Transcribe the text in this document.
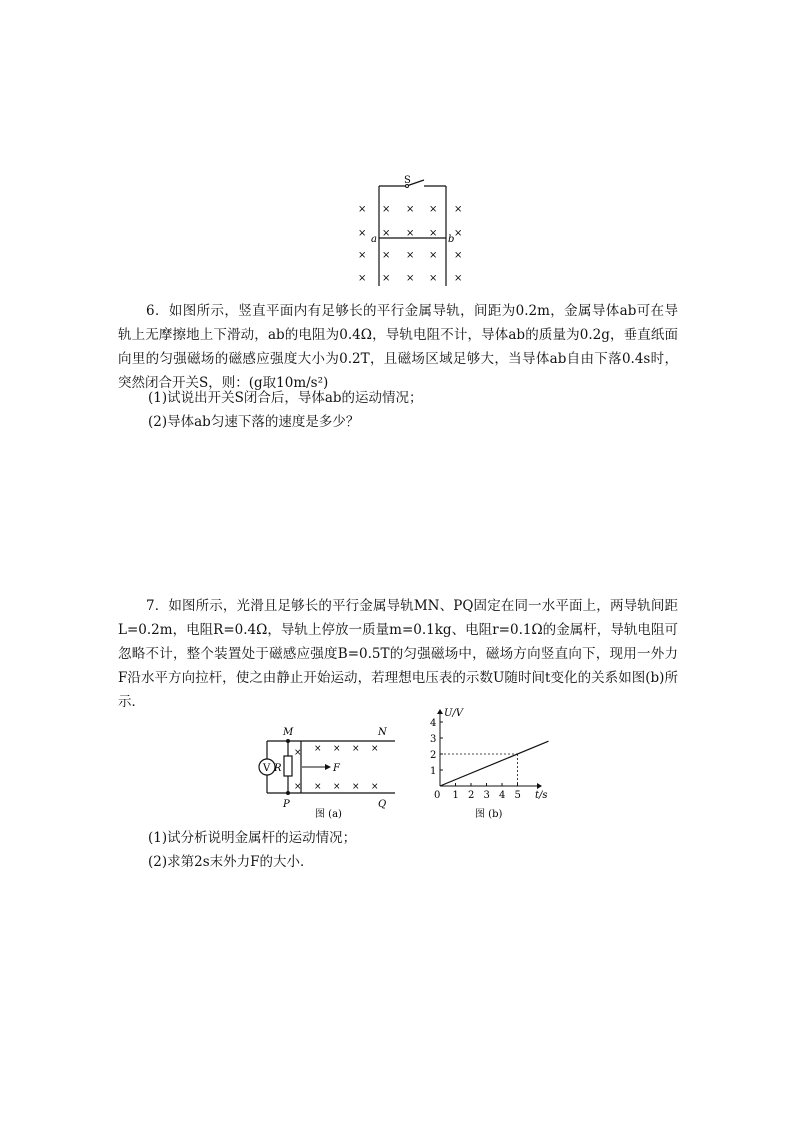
S
a	b
× × × × ×
× × × × ×
× × × × ×
× × × × ×
6．如图所示，竖直平面内有足够长的平行金属导轨，间距为0.2m，金属导体ab可在导轨上无摩擦地上下滑动，ab的电阻为0.4Ω，导轨电阻不计，导体ab的质量为0.2g，垂直纸面向里的匀强磁场的磁感应强度大小为0.2T，且磁场区域足够大，当导体ab自由下落0.4s时，突然闭合开关S，则：(g取10m/s²)
(1)试说出开关S闭合后，导体ab的运动情况；
(2)导体ab匀速下落的速度是多少？
7．如图所示，光滑且足够长的平行金属导轨MN、PQ固定在同一水平面上，两导轨间距L=0.2m，电阻R=0.4Ω，导轨上停放一质量m=0.1kg、电阻r=0.1Ω的金属杆，导轨电阻可忽略不计，整个装置处于磁感应强度B=0.5T的匀强磁场中，磁场方向竖直向下，现用一外力F沿水平方向拉杆，使之由静止开始运动，若理想电压表的示数U随时间t变化的关系如图(b)所示．
V R
M
P
N
Q
F
× × × × ×
× × × × ×
图 (a)
0 1 2 3 4 5
1
2
3
4
t/s
U/V
图 (b)
(1)试分析说明金属杆的运动情况；
(2)求第2s末外力F的大小．
